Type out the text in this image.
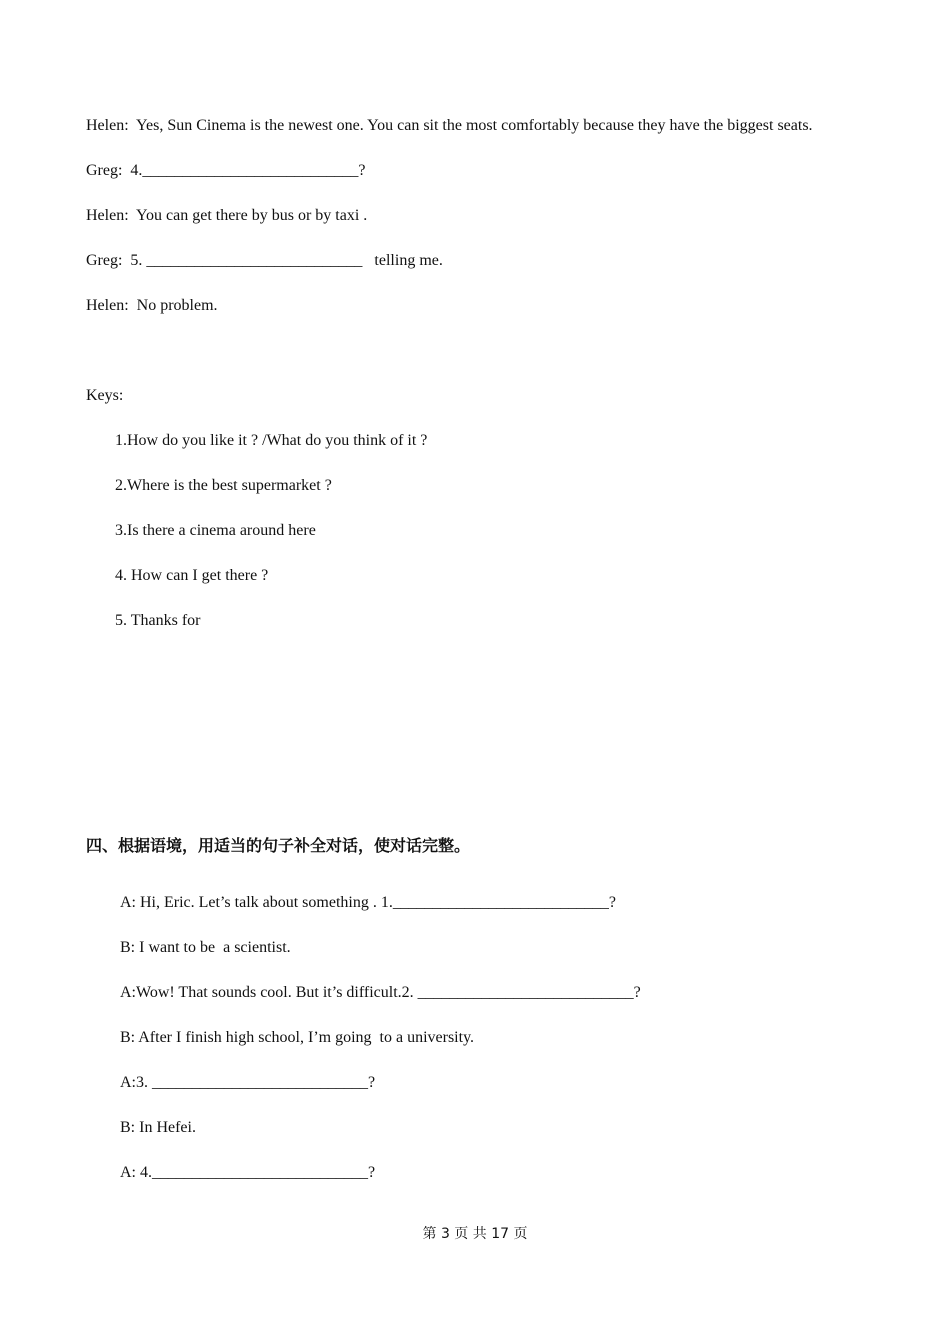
Helen:  Yes, Sun Cinema is the newest one. You can sit the most comfortably because they have the biggest seats.
Greg:  4.___________________________?
Helen:  You can get there by bus or by taxi .
Greg:  5. ___________________________   telling me.
Helen:  No problem.
Keys:
1.How do you like it ? /What do you think of it ?
2.Where is the best supermarket ?
3.Is there a cinema around here
4. How can I get there ?
5. Thanks for
四、根据语境，用适当的句子补全对话，使对话完整。
A: Hi, Eric. Let’s talk about something . 1.___________________________?
B: I want to be  a scientist.
A:Wow! That sounds cool. But it’s difficult.2. ___________________________?
B: After I finish high school, I’m going  to a university.
A:3. ___________________________?
B: In Hefei.
A: 4.___________________________?
第 3 页 共 17 页
